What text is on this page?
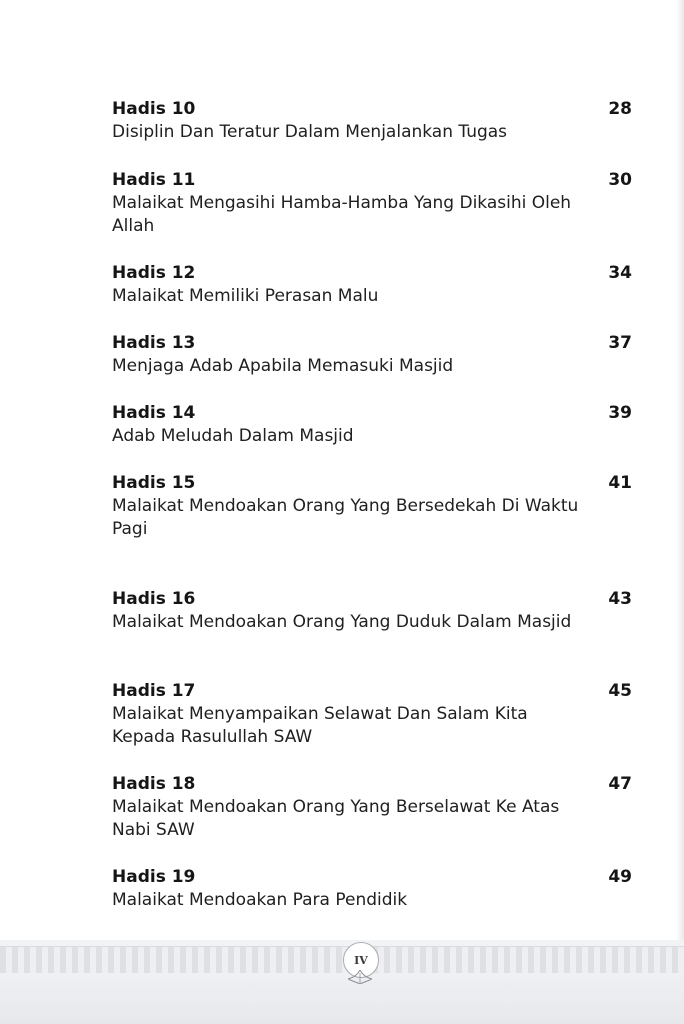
Hadis 10
Disiplin Dan Teratur Dalam Menjalankan Tugas
28
Hadis 11
Malaikat Mengasihi Hamba-Hamba Yang Dikasihi Oleh Allah
30
Hadis 12
Malaikat Memiliki Perasan Malu
34
Hadis 13
Menjaga Adab Apabila Memasuki Masjid
37
Hadis 14
Adab Meludah Dalam Masjid
39
Hadis 15
Malaikat Mendoakan Orang Yang Bersedekah Di Waktu Pagi
41
Hadis 16
Malaikat Mendoakan Orang Yang Duduk Dalam Masjid
43
Hadis 17
Malaikat Menyampaikan Selawat Dan Salam Kita Kepada Rasulullah SAW
45
Hadis 18
Malaikat Mendoakan Orang Yang Berselawat Ke Atas Nabi SAW
47
Hadis 19
Malaikat Mendoakan Para Pendidik
49
IV
